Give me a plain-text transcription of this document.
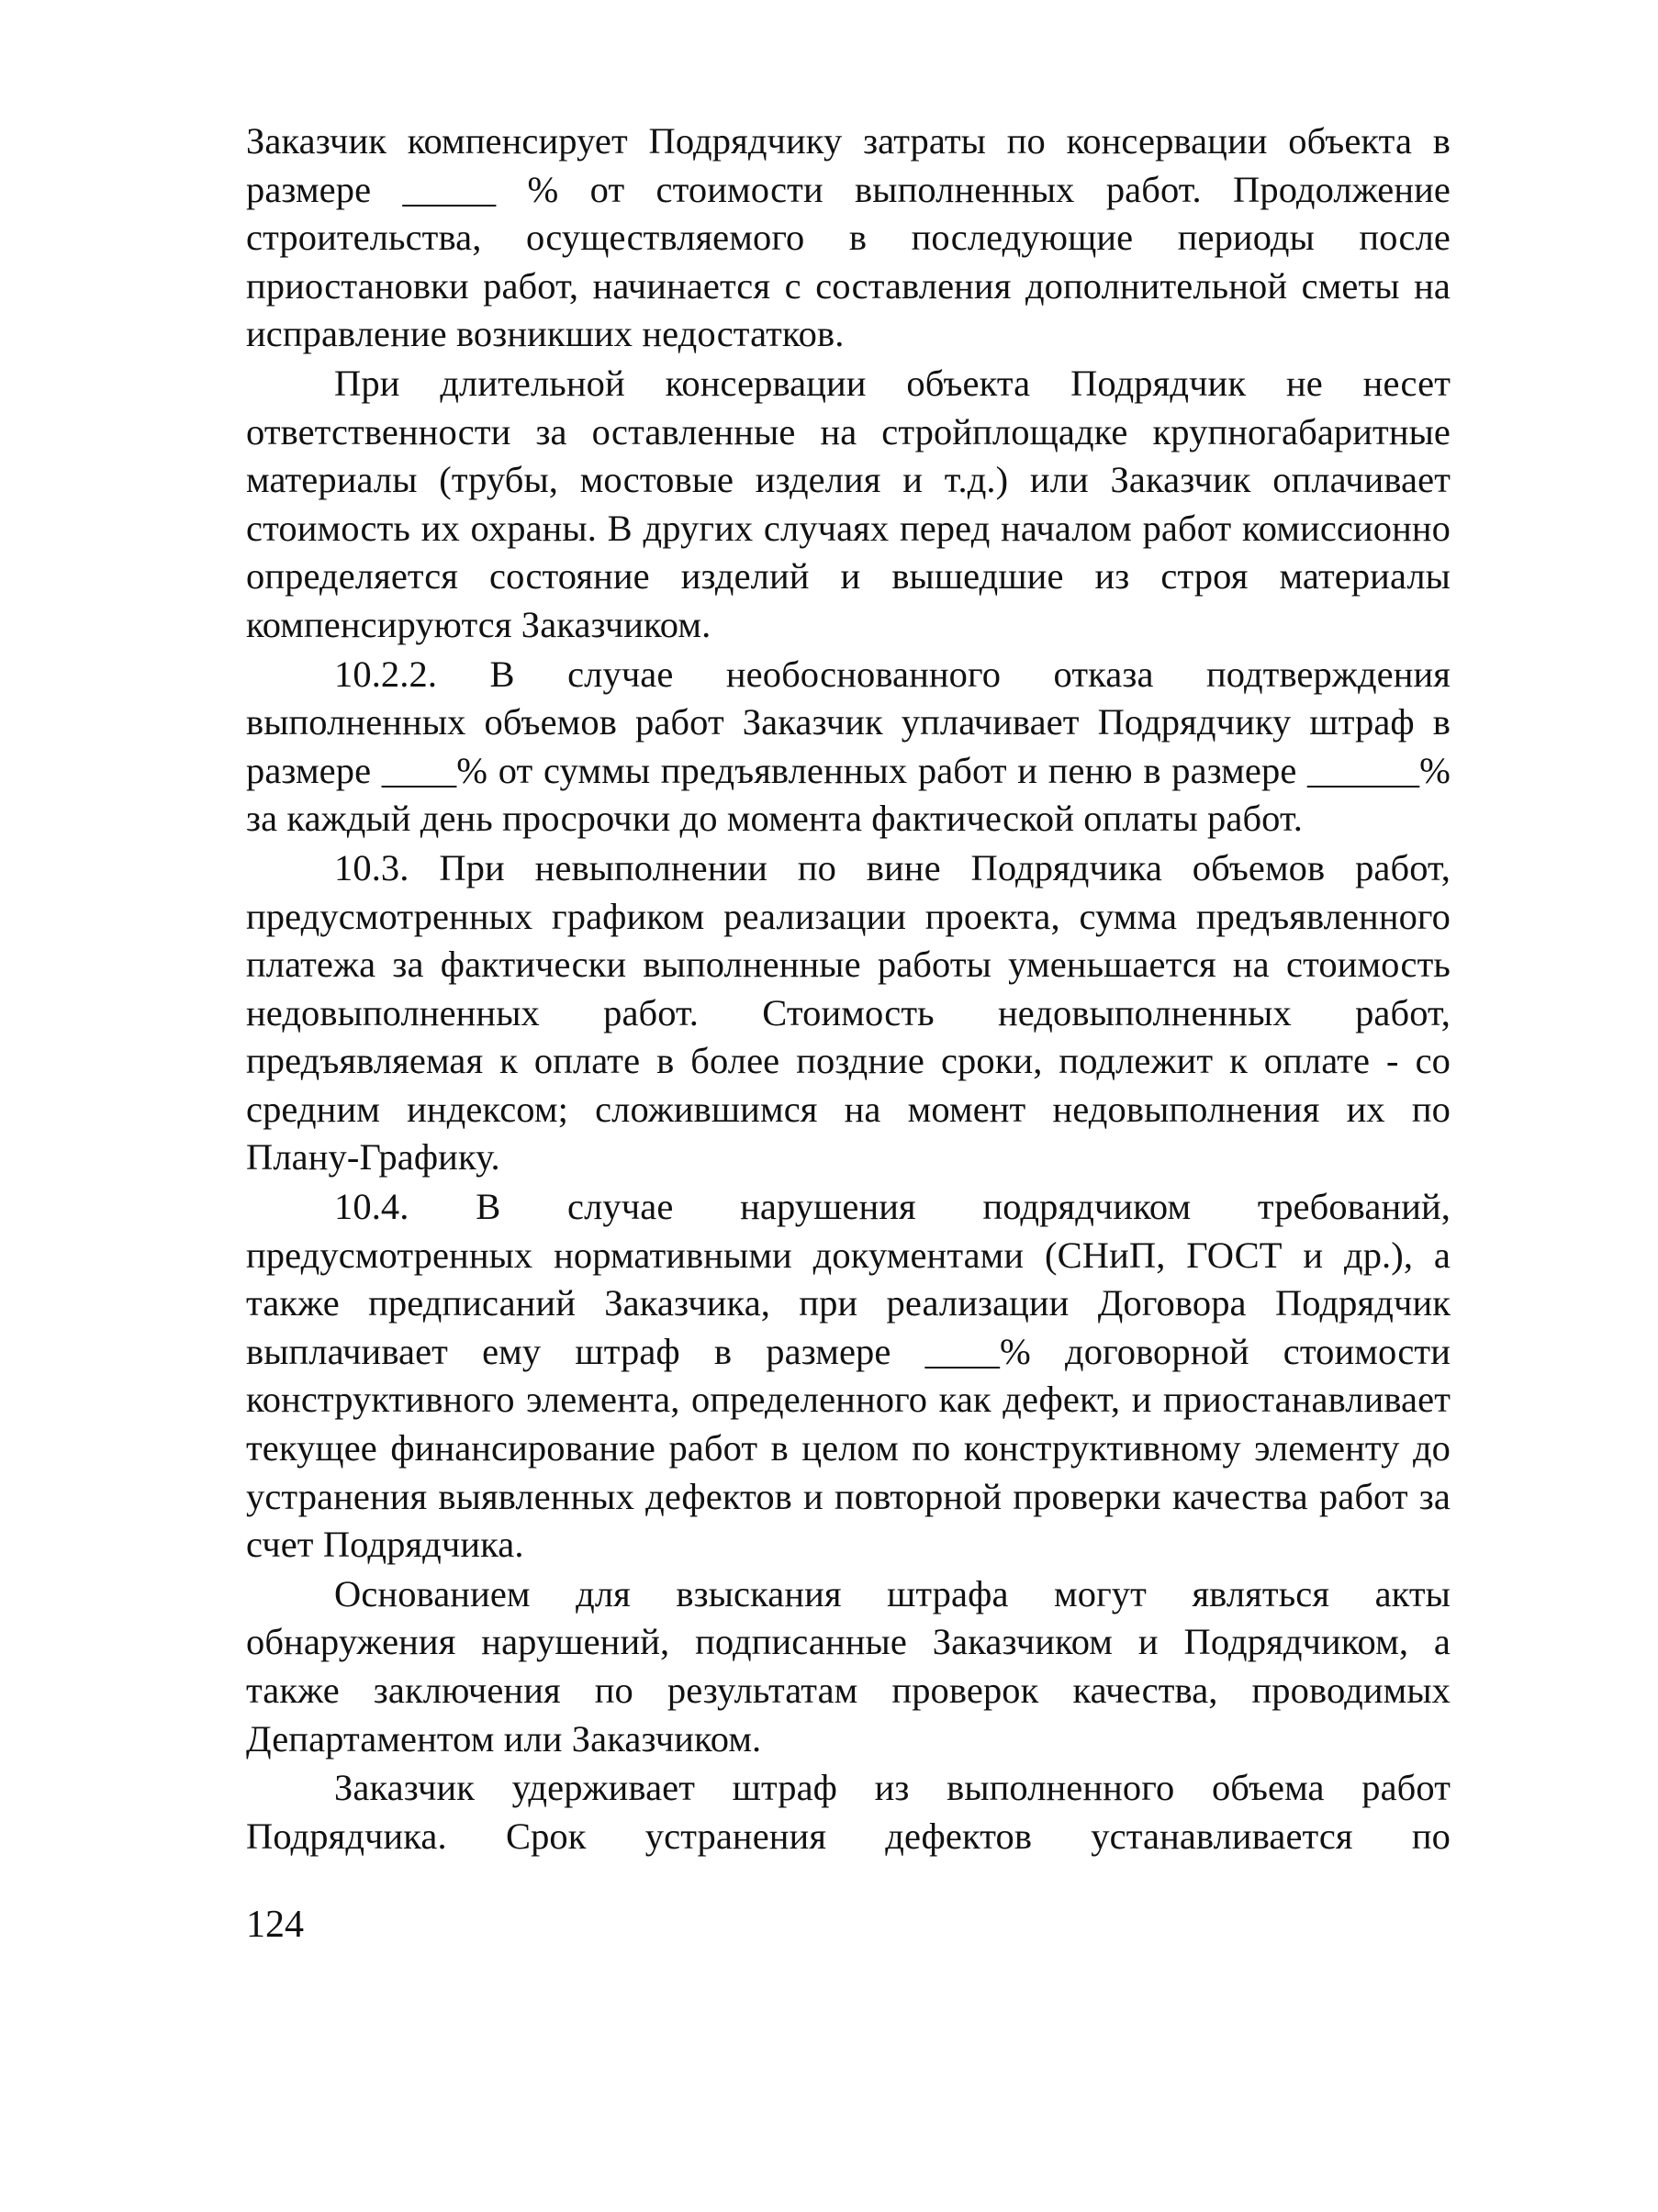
Заказчик компенсирует Подрядчику затраты по консервации объекта в размере _____ % от стоимости выполненных работ. Продолжение строительства, осуществляемого в последующие периоды после приостановки работ, начинается с составления дополнительной сметы на исправление возникших недостатков.

При длительной консервации объекта Подрядчик не несет ответственности за оставленные на стройплощадке крупногабаритные материалы (трубы, мостовые изделия и т.д.) или Заказчик оплачивает стоимость их охраны. В других случаях перед началом работ комиссионно определяется состояние изделий и вышедшие из строя материалы компенсируются Заказчиком.

10.2.2. В случае необоснованного отказа подтверждения выполненных объемов работ Заказчик уплачивает Подрядчику штраф в размере ____% от суммы предъявленных работ и пеню в размере ______% за каждый день просрочки до момента фактической оплаты работ.

10.3. При невыполнении по вине Подрядчика объемов работ, предусмотренных графиком реализации проекта, сумма предъявленного платежа за фактически выполненные работы уменьшается на стоимость недовыполненных работ. Стоимость недовыполненных работ, предъявляемая к оплате в более поздние сроки, подлежит к оплате - со средним индексом; сложившимся на момент недовыполнения их по Плану-Графику.

10.4. В случае нарушения подрядчиком требований, предусмотренных нормативными документами (СНиП, ГОСТ и др.), а также предписаний Заказчика, при реализации Договора Подрядчик выплачивает ему штраф в размере ____% договорной стоимости конструктивного элемента, определенного как дефект, и приостанавливает текущее финансирование работ в целом по конструктивному элементу до устранения выявленных дефектов и повторной проверки качества работ за счет Подрядчика.

Основанием для взыскания штрафа могут являться акты обнаружения нарушений, подписанные Заказчиком и Подрядчиком, а также заключения по результатам проверок качества, проводимых Департаментом или Заказчиком.

Заказчик удерживает штраф из выполненного объема работ Подрядчика. Срок устранения дефектов устанавливается по

124
